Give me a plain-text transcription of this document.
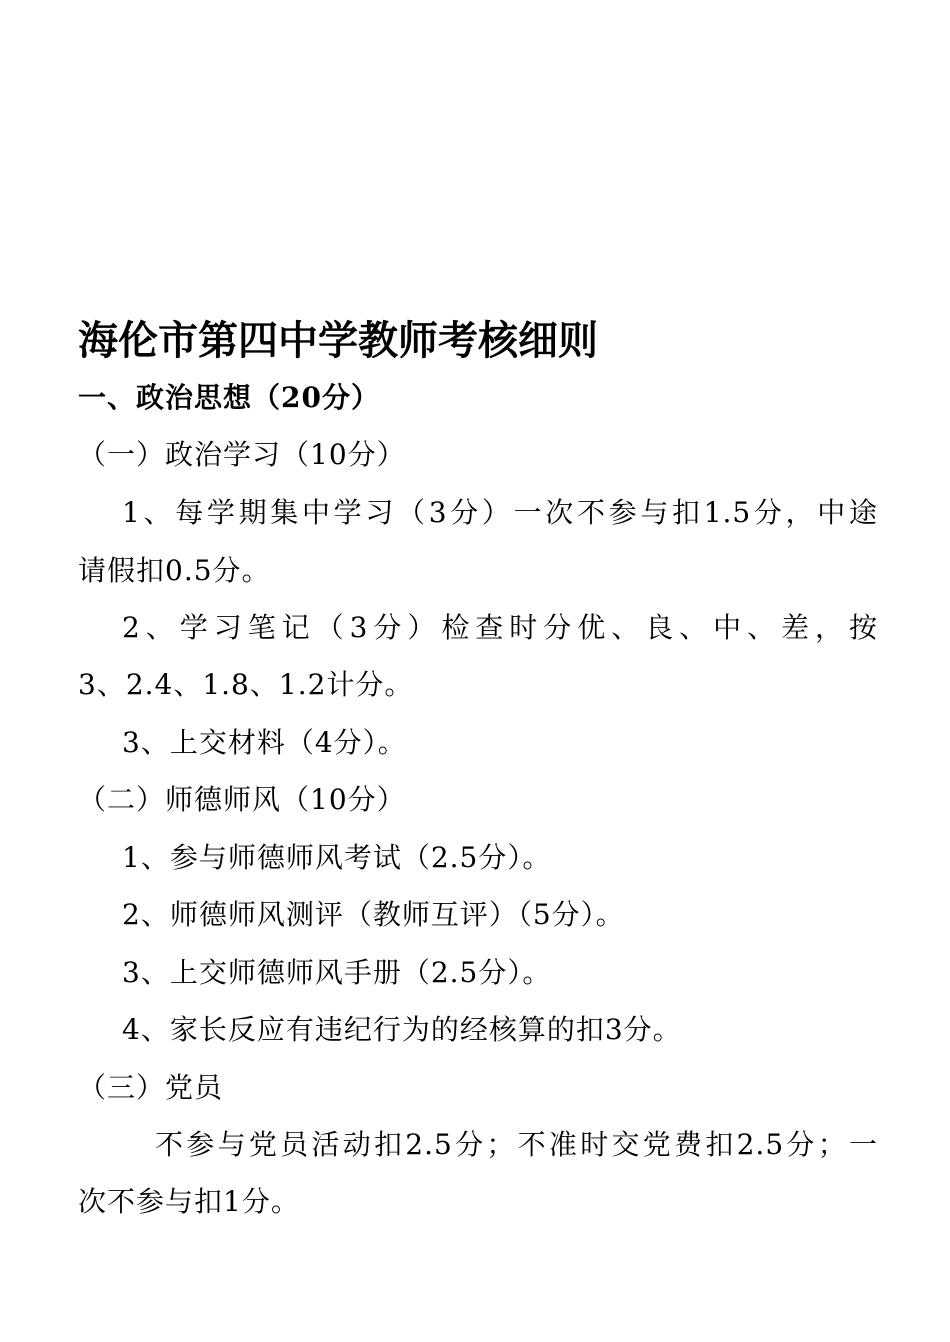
海伦市第四中学教师考核细则
一、政治思想（20分）
（一）政治学习（10分）
1、每学期集中学习（3分）一次不参与扣1.5分，中途
请假扣0.5分。
2、学习笔记（3分）检查时分优、良、中、差，按
3、2.4、1.8、1.2计分。
3、上交材料（4分）。
（二）师德师风（10分）
1、参与师德师风考试（2.5分）。
2、师德师风测评（教师互评）（5分）。
3、上交师德师风手册（2.5分）。
4、家长反应有违纪行为的经核算的扣3分。
（三）党员
不参与党员活动扣2.5分；不准时交党费扣2.5分；一
次不参与扣1分。
